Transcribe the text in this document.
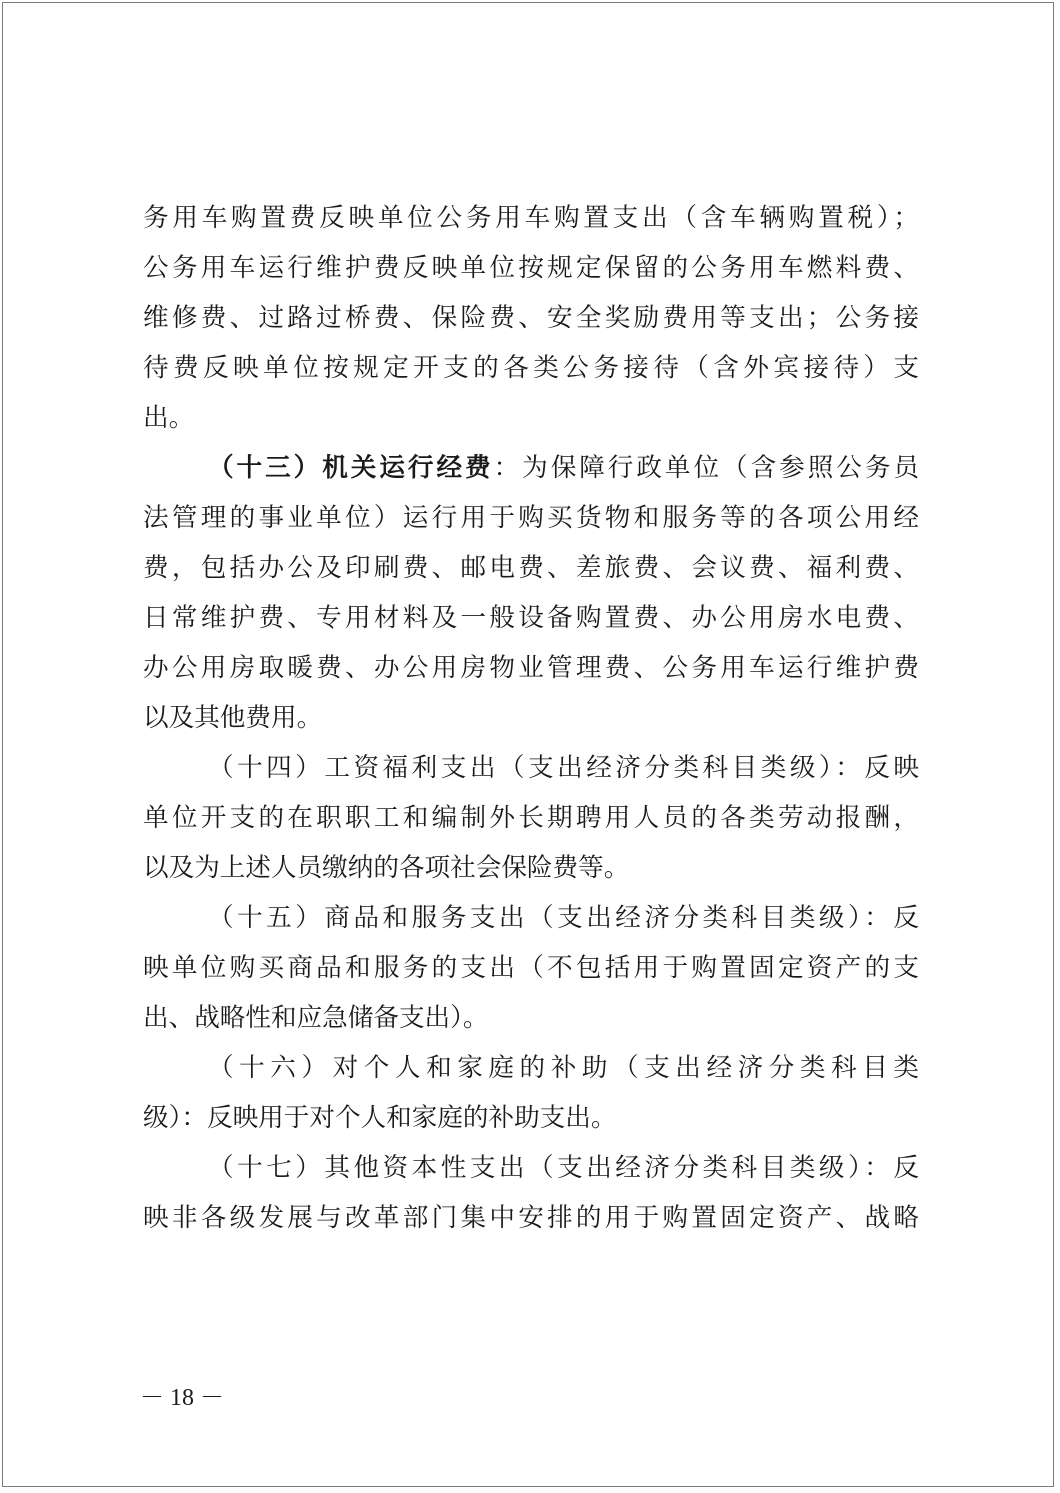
务用车购置费反映单位公务用车购置支出（含车辆购置税）；
公务用车运行维护费反映单位按规定保留的公务用车燃料费、
维修费、过路过桥费、保险费、安全奖励费用等支出；公务接
待费反映单位按规定开支的各类公务接待（含外宾接待）支
出。
（十三）机关运行经费：为保障行政单位（含参照公务员
法管理的事业单位）运行用于购买货物和服务等的各项公用经
费，包括办公及印刷费、邮电费、差旅费、会议费、福利费、
日常维护费、专用材料及一般设备购置费、办公用房水电费、
办公用房取暖费、办公用房物业管理费、公务用车运行维护费
以及其他费用。
（十四）工资福利支出（支出经济分类科目类级）：反映
单位开支的在职职工和编制外长期聘用人员的各类劳动报酬，
以及为上述人员缴纳的各项社会保险费等。
（十五）商品和服务支出（支出经济分类科目类级）：反
映单位购买商品和服务的支出（不包括用于购置固定资产的支
出、战略性和应急储备支出）。
（十六）对个人和家庭的补助（支出经济分类科目类
级）：反映用于对个人和家庭的补助支出。
（十七）其他资本性支出（支出经济分类科目类级）：反
映非各级发展与改革部门集中安排的用于购置固定资产、战略
－ 18 －
